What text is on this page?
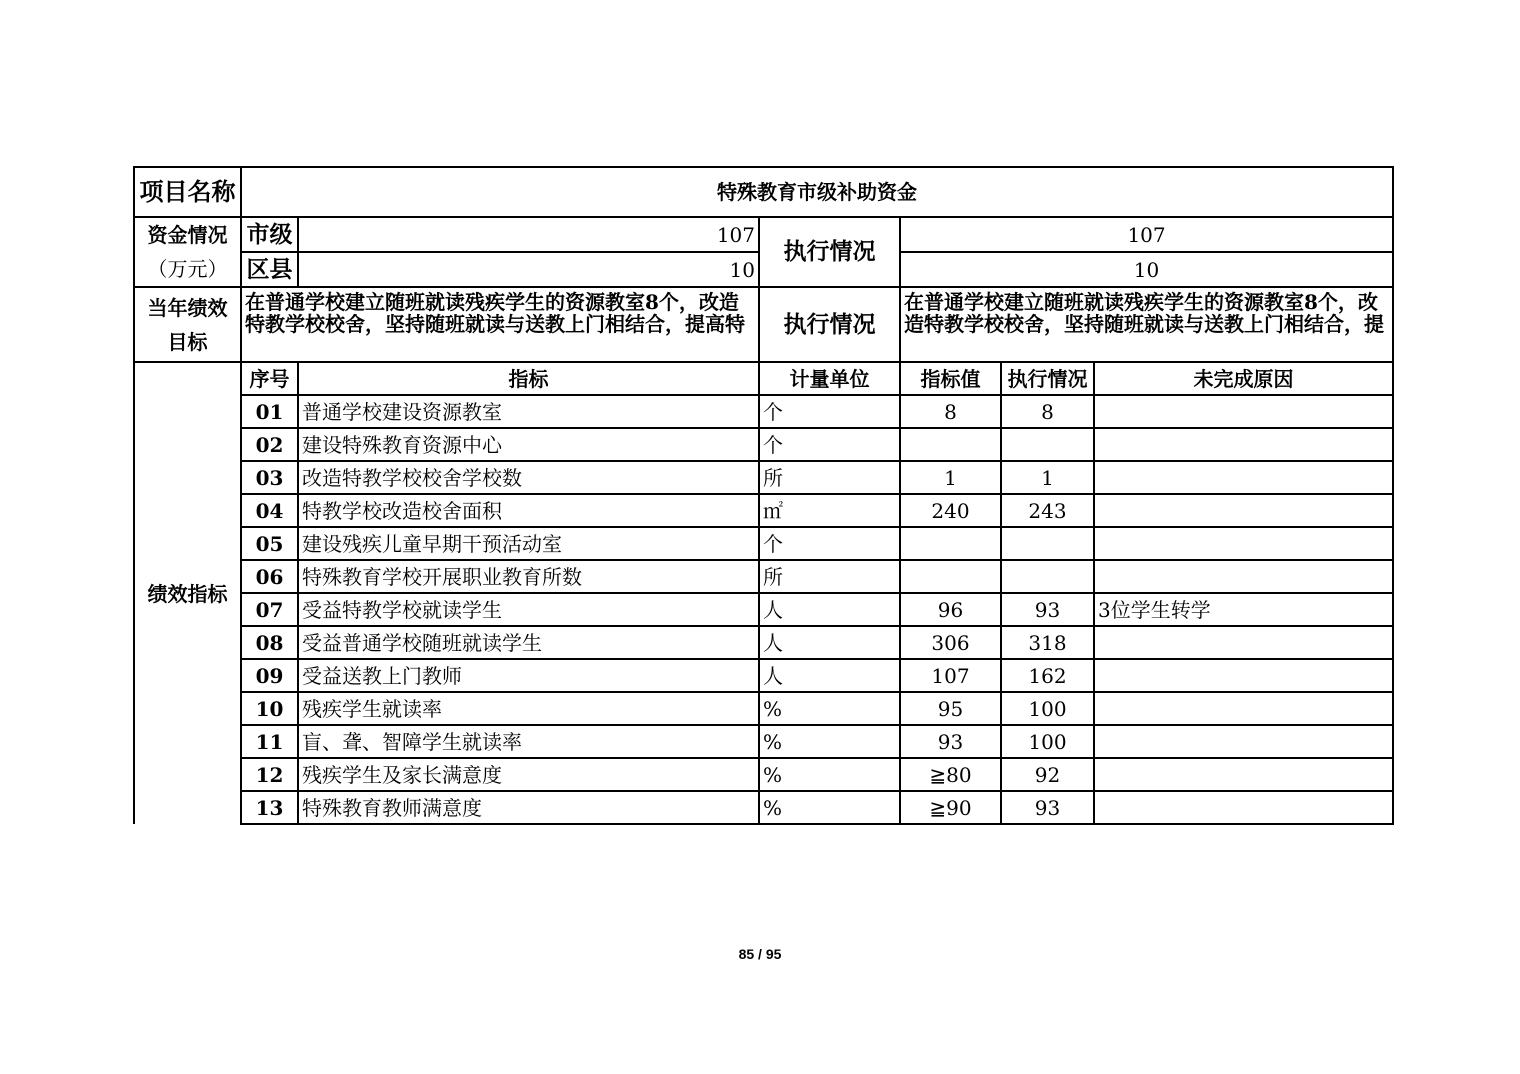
项目名称	特殊教育市级补助资金					

资金情况
（万元）	市级	107	执行情况	107		
	区县	10		10		

当年绩效
目标	在普通学校建立随班就读残疾学生的资源教室8个，改造特教学校校舍，坚持随班就读与送教上门相结合，提高特		执行情况	在普通学校建立随班就读残疾学生的资源教室8个，改造特教学校校舍，坚持随班就读与送教上门相结合，提		

绩效指标	序号	指标	计量单位	指标值	执行情况	未完成原因
	01	普通学校建设资源教室	个	8	8	
	02	建设特殊教育资源中心	个			
	03	改造特教学校校舍学校数	所	1	1	
	04	特教学校改造校舍面积	㎡	240	243	
	05	建设残疾儿童早期干预活动室	个			
	06	特殊教育学校开展职业教育所数	所			
	07	受益特教学校就读学生	人	96	93	3位学生转学
	08	受益普通学校随班就读学生	人	306	318	
	09	受益送教上门教师	人	107	162	
	10	残疾学生就读率	%	95	100	
	11	盲、聋、智障学生就读率	%	93	100	
	12	残疾学生及家长满意度	%	≧80	92	
	13	特殊教育教师满意度	%	≧90	93	
85 / 95
